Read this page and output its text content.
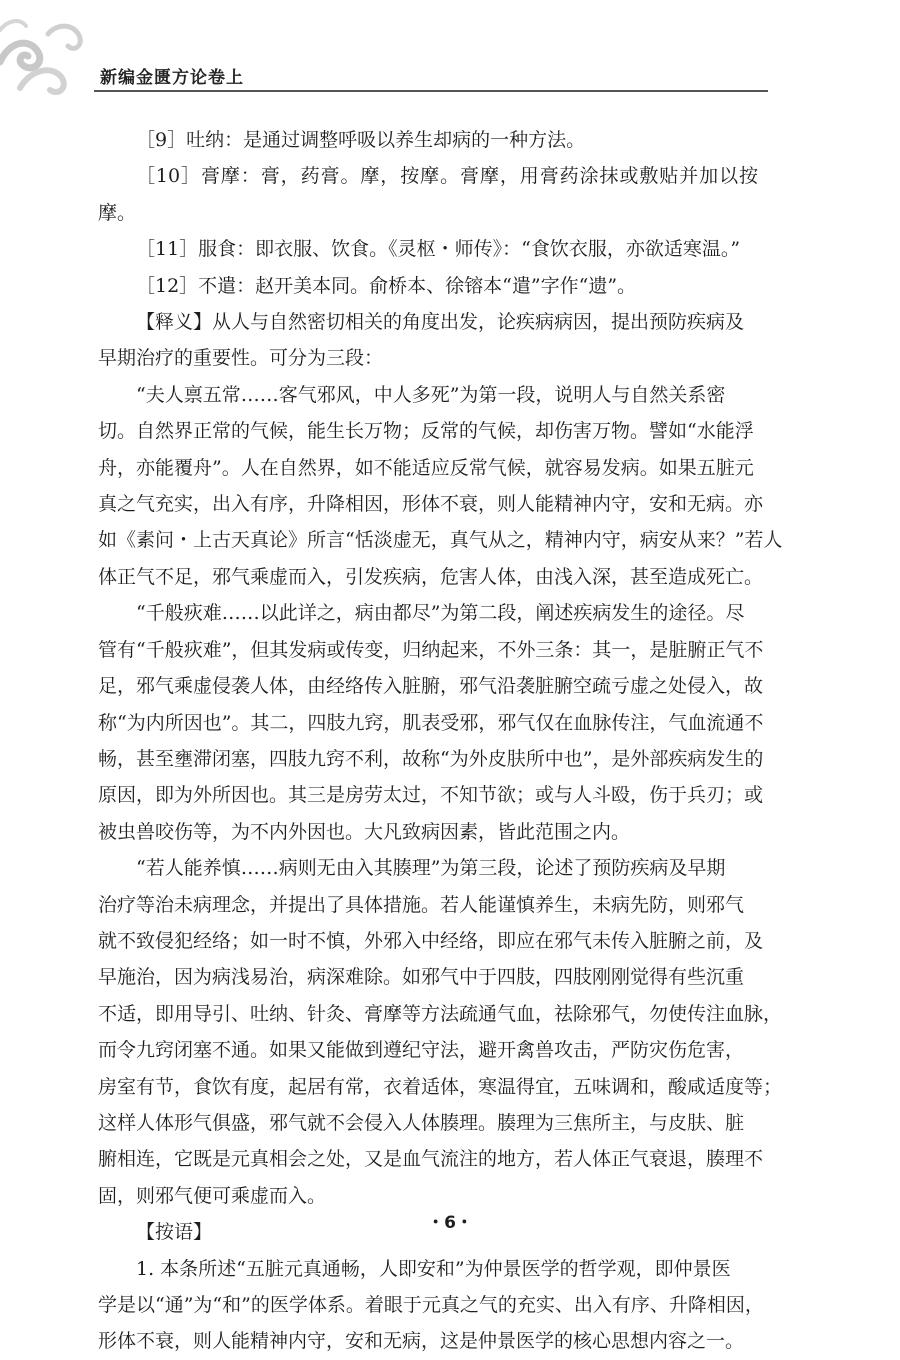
新编金匮方论卷上

［9］吐纳：是通过调整呼吸以养生却病的一种方法。

［10］膏摩：膏，药膏。摩，按摩。膏摩，用膏药涂抹或敷贴并加以按摩。

［11］服食：即衣服、饮食。《灵枢・师传》：“食饮衣服，亦欲适寒温。”

［12］不遣：赵开美本同。俞桥本、徐镕本“遣”字作“遗”。

【释义】从人与自然密切相关的角度出发，论疾病病因，提出预防疾病及
早期治疗的重要性。可分为三段：

“夫人禀五常……客气邪风，中人多死”为第一段，说明人与自然关系密
切。自然界正常的气候，能生长万物；反常的气候，却伤害万物。譬如“水能浮
舟，亦能覆舟”。人在自然界，如不能适应反常气候，就容易发病。如果五脏元
真之气充实，出入有序，升降相因，形体不衰，则人能精神内守，安和无病。亦
如《素问・上古天真论》所言“恬淡虚无，真气从之，精神内守，病安从来？”若人
体正气不足，邪气乘虚而入，引发疾病，危害人体，由浅入深，甚至造成死亡。

“千般疢难……以此详之，病由都尽”为第二段，阐述疾病发生的途径。尽
管有“千般疢难”，但其发病或传变，归纳起来，不外三条：其一，是脏腑正气不
足，邪气乘虚侵袭人体，由经络传入脏腑，邪气沿袭脏腑空疏亏虚之处侵入，故
称“为内所因也”。其二，四肢九窍，肌表受邪，邪气仅在血脉传注，气血流通不
畅，甚至壅滞闭塞，四肢九窍不利，故称“为外皮肤所中也”，是外部疾病发生的
原因，即为外所因也。其三是房劳太过，不知节欲；或与人斗殴，伤于兵刃；或
被虫兽咬伤等，为不内外因也。大凡致病因素，皆此范围之内。

“若人能养慎……病则无由入其腠理”为第三段，论述了预防疾病及早期
治疗等治未病理念，并提出了具体措施。若人能谨慎养生，未病先防，则邪气
就不致侵犯经络；如一时不慎，外邪入中经络，即应在邪气未传入脏腑之前，及
早施治，因为病浅易治，病深难除。如邪气中于四肢，四肢刚刚觉得有些沉重
不适，即用导引、吐纳、针灸、膏摩等方法疏通气血，祛除邪气，勿使传注血脉，
而令九窍闭塞不通。如果又能做到遵纪守法，避开禽兽攻击，严防灾伤危害，
房室有节，食饮有度，起居有常，衣着适体，寒温得宜，五味调和，酸咸适度等；
这样人体形气俱盛，邪气就不会侵入人体腠理。腠理为三焦所主，与皮肤、脏
腑相连，它既是元真相会之处，又是血气流注的地方，若人体正气衰退，腠理不
固，则邪气便可乘虚而入。

【按语】

1. 本条所述“五脏元真通畅，人即安和”为仲景医学的哲学观，即仲景医
学是以“通”为“和”的医学体系。着眼于元真之气的充实、出入有序、升降相因，
形体不衰，则人能精神内守，安和无病，这是仲景医学的核心思想内容之一。

・6・
